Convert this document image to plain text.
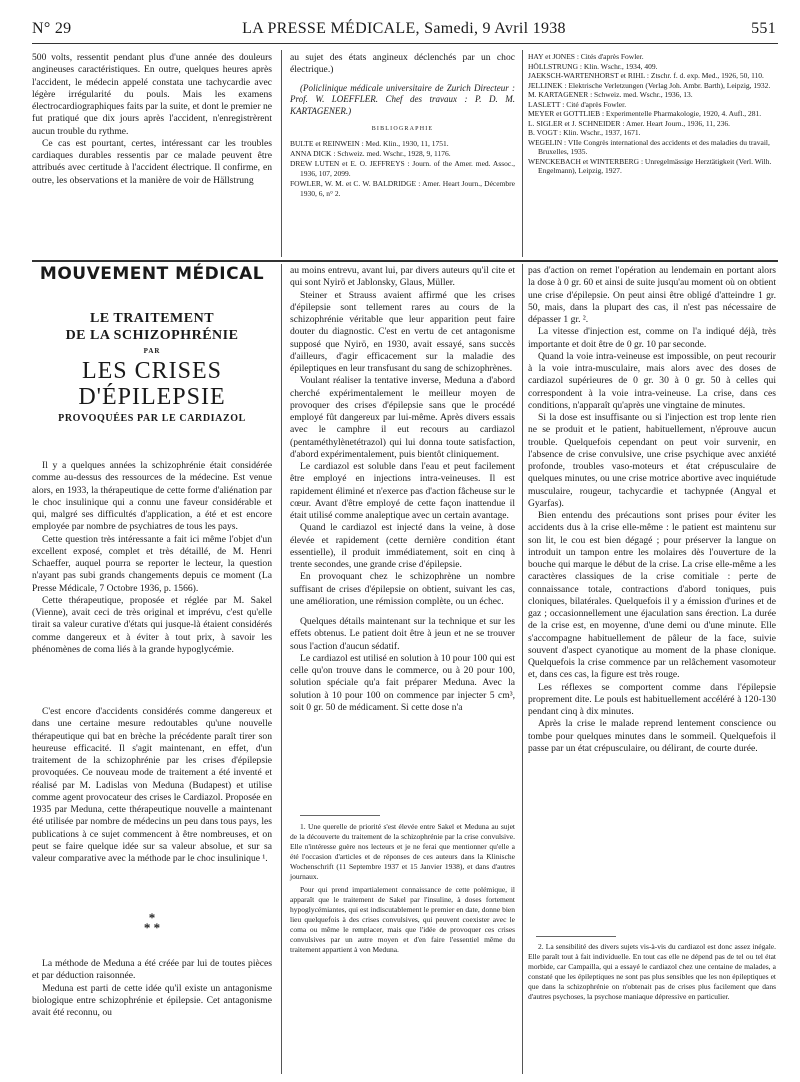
N° 29	LA PRESSE MÉDICALE, Samedi, 9 Avril 1938	551

500 volts, ressentit pendant plus d'une année des douleurs angineuses caractéristiques. En outre, quelques heures après l'accident, le médecin appelé constata une tachycardie avec légère irrégularité du pouls. Mais les examens électrocardiographiques faits par la suite, et dont le premier ne fut pratiqué que dix jours après l'accident, n'enregistrèrent aucun trouble du rythme.

Ce cas est pourtant, certes, intéressant car les troubles cardiaques durables ressentis par ce malade peuvent être attribués avec certitude à l'accident électrique. Il confirme, en outre, les observations et la manière de voir de Hällstrung

au sujet des états angineux déclenchés par un choc électrique.)

(Policlinique médicale universitaire de Zurich Directeur : Prof. W. LOEFFLER. Chef des travaux : P. D. M. KARTAGENER.)

BIBLIOGRAPHIE

BULTE et REINWEIN : Med. Klin., 1930, 11, 1751.

ANNA DICK : Schweiz. med. Wschr., 1928, 9, 1176.

DREW LUTEN et E. O. JEFFREYS : Journ. of the Amer. med. Assoc., 1936, 107, 2099.

FOWLER, W. M. et C. W. BALDRIDGE : Amer. Heart Journ., Décembre 1930, 6, n° 2.

HAY et JONES : Cités d'après Fowler.

HÖLLSTRUNG : Klin. Wschr., 1934, 409.

JAEKSCH-WARTENHORST et RIHL : Ztschr. f. d. exp. Med., 1926, 50, 110.

JELLINEK : Elektrische Verletzungen (Verlag Joh. Ambr. Barth), Leipzig, 1932.

M. KARTAGENER : Schweiz. med. Wschr., 1936, 13.

LASLETT : Cité d'après Fowler.

MEYER et GOTTLIEB : Experimentelle Pharmakologie, 1920, 4. Aufl., 281.

L. SIGLER et J. SCHNEIDER : Amer. Heart Journ., 1936, 11, 236.

B. VOGT : Klin. Wschr., 1937, 1671.

WEGELIN : VIIe Congrès international des accidents et des maladies du travail, Bruxelles, 1935.

WENCKEBACH et WINTERBERG : Unregelmässige Herztätigkeit (Verl. Wilh. Engelmann), Leipzig, 1927.

MOUVEMENT MÉDICAL
LE TRAITEMENT
DE LA SCHIZOPHRÉNIE
PAR
LES CRISES D'ÉPILEPSIE
PROVOQUÉES PAR LE CARDIAZOL

Il y a quelques années la schizophrénie était considérée comme au-dessus des ressources de la médecine. Est venue alors, en 1933, la thérapeutique de cette forme d'aliénation par le choc insulinique qui a connu une faveur considérable et qui, malgré ses difficultés d'application, a été et est encore employée par nombre de psychiatres de tous les pays.

Cette question très intéressante a fait ici même l'objet d'un excellent exposé, complet et très détaillé, de M. Henri Schaeffer, auquel pourra se reporter le lecteur, la question n'ayant pas subi grands changements depuis ce moment (La Presse Médicale, 7 Octobre 1936, p. 1566).

Cette thérapeutique, proposée et réglée par M. Sakel (Vienne), avait ceci de très original et imprévu, c'est qu'elle tirait sa valeur curative d'états qui jusque-là étaient considérés comme dangereux et à éviter à tout prix, à savoir les phénomènes de coma liés à la grande hypoglycémie.

C'est encore d'accidents considérés comme dangereux et dans une certaine mesure redoutables qu'une nouvelle thérapeutique qui bat en brèche la précédente paraît tirer son heureuse efficacité. Il s'agit maintenant, en effet, d'un traitement de la schizophrénie par les crises d'épilepsie provoquées. Ce nouveau mode de traitement a été inventé et réalisé par M. Ladislas von Meduna (Budapest) et utilise comme agent provocateur des crises le Cardiazol. Proposée en 1935 par Meduna, cette thérapeutique nouvelle a maintenant été utilisée par nombre de médecins un peu dans tous pays, les publications à ce sujet commencent à être nombreuses, et on peut se faire quelque idée sur sa valeur absolue, et sur sa valeur comparative avec la méthode par le choc insulinique ¹.

*
* *

La méthode de Meduna a été créée par lui de toutes pièces et par déduction raisonnée.

Meduna est parti de cette idée qu'il existe un antagonisme biologique entre schizophrénie et épilepsie. Cet antagonisme avait été reconnu, ou

au moins entrevu, avant lui, par divers auteurs qu'il cite et qui sont Nyirö et Jablonsky, Glaus, Müller.

Steiner et Strauss avaient affirmé que les crises d'épilepsie sont tellement rares au cours de la schizophrénie véritable que leur apparition peut faire douter du diagnostic. C'est en vertu de cet antagonisme supposé que Nyirö, en 1930, avait essayé, sans succès d'ailleurs, d'agir efficacement sur la maladie des épileptiques en leur transfusant du sang de schizophrènes.

Voulant réaliser la tentative inverse, Meduna a d'abord cherché expérimentalement le meilleur moyen de provoquer des crises d'épilepsie sans que le procédé employé fût dangereux par lui-même. Après divers essais avec le camphre il eut recours au cardiazol (pentaméthylènetétrazol) qui lui donna toute satisfaction, d'abord expérimentalement, puis bientôt cliniquement.

Le cardiazol est soluble dans l'eau et peut facilement être employé en injections intra-veineuses. Il est rapidement éliminé et n'exerce pas d'action fâcheuse sur le cœur. Avant d'être employé de cette façon inattendue il était utilisé comme analeptique avec un certain avantage.

Quand le cardiazol est injecté dans la veine, à dose élevée et rapidement (cette dernière condition étant essentielle), il produit immédiatement, soit en cinq à trente secondes, une grande crise d'épilepsie.

En provoquant chez le schizophrène un nombre suffisant de crises d'épilepsie on obtient, suivant les cas, une amélioration, une rémission complète, ou un échec.

Quelques détails maintenant sur la technique et sur les effets obtenus. Le patient doit être à jeun et ne se trouver sous l'action d'aucun sédatif.

Le cardiazol est utilisé en solution à 10 pour 100 qui est celle qu'on trouve dans le commerce, ou à 20 pour 100, solution spéciale qu'a fait préparer Meduna. Avec la solution à 10 pour 100 on commence par injecter 5 cm³, soit 0 gr. 50 de médicament. Si cette dose n'a

1. Une querelle de priorité s'est élevée entre Sakel et Meduna au sujet de la découverte du traitement de la schizophrénie par la crise convulsive. Elle n'intéresse guère nos lecteurs et je ne ferai que mentionner qu'elle a été l'occasion d'articles et de réponses de ces auteurs dans la Klinische Wochenschrift (11 Septembre 1937 et 15 Janvier 1938), et dans d'autres journaux.

Pour qui prend impartialement connaissance de cette polémique, il apparaît que le traitement de Sakel par l'insuline, à doses fortement hypoglycémiantes, qui est indiscutablement le premier en date, donne bien lieu quelquefois à des crises convulsives, qui peuvent coexister avec le coma ou même le remplacer, mais que l'idée de provoquer ces crises convulsives par un autre moyen et d'en faire l'essentiel même du traitement appartient à von Meduna.

pas d'action on remet l'opération au lendemain en portant alors la dose à 0 gr. 60 et ainsi de suite jusqu'au moment où on obtient une crise d'épilepsie. On peut ainsi être obligé d'atteindre 1 gr. 50, mais, dans la plupart des cas, il n'est pas nécessaire de dépasser 1 gr. ².

La vitesse d'injection est, comme on l'a indiqué déjà, très importante et doit être de 0 gr. 10 par seconde.

Quand la voie intra-veineuse est impossible, on peut recourir à la voie intra-musculaire, mais alors avec des doses de cardiazol supérieures de 0 gr. 30 à 0 gr. 50 à celles qui correspondent à la voie intra-veineuse. La crise, dans ces conditions, n'apparaît qu'après une vingtaine de minutes.

Si la dose est insuffisante ou si l'injection est trop lente rien ne se produit et le patient, habituellement, n'éprouve aucun trouble. Quelquefois cependant on peut voir survenir, en l'absence de crise convulsive, une crise psychique avec anxiété profonde, troubles vaso-moteurs et état crépusculaire de quelques minutes, ou une crise motrice abortive avec inquiétude musculaire, rougeur, tachycardie et tachypnée (Angyal et Gyarfas).

Bien entendu des précautions sont prises pour éviter les accidents dus à la crise elle-même : le patient est maintenu sur son lit, le cou est bien dégagé ; pour préserver la langue on introduit un tampon entre les molaires dès l'ouverture de la bouche qui marque le début de la crise. La crise elle-même a les caractères classiques de la crise comitiale : perte de connaissance totale, contractions d'abord toniques, puis cloniques, bilatérales. Quelquefois il y a émission d'urines et de gaz ; occasionnellement une éjaculation sans érection. La durée de la crise est, en moyenne, d'une demi ou d'une minute. Elle s'accompagne habituellement de pâleur de la face, suivie souvent d'aspect cyanotique au moment de la phase clonique. Quelquefois la crise commence par un relâchement vasomoteur et, dans ces cas, la figure est très rouge.

Les réflexes se comportent comme dans l'épilepsie proprement dite. Le pouls est habituellement accéléré à 120-130 pendant cinq à dix minutes.

Après la crise le malade reprend lentement conscience ou tombe pour quelques minutes dans le sommeil. Quelquefois il passe par un état crépusculaire, ou délirant, de courte durée.

2. La sensibilité des divers sujets vis-à-vis du cardiazol est donc assez inégale. Elle paraît tout à fait individuelle. En tout cas elle ne dépend pas de tel ou tel état morbide, car Campailla, qui a essayé le cardiazol chez une centaine de malades, a constaté que les épileptiques ne sont pas plus sensibles que les non épileptiques et que dans la schizophrénie on n'obtenait pas de crises plus facilement que dans d'autres psychoses, la psychose maniaque dépressive en particulier.
